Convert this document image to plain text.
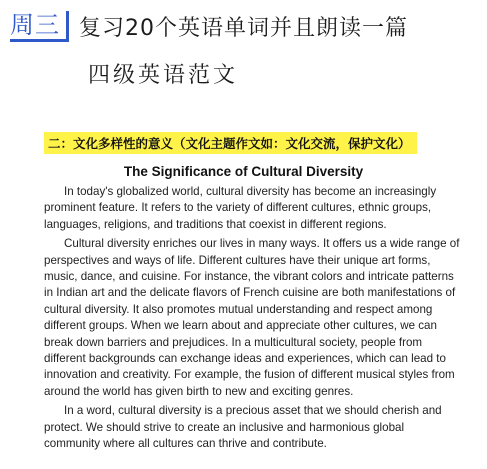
周三 复习20个英语单词并且朗读一篇
四级英语范文
二：文化多样性的意义（文化主题作文如：文化交流，保护文化）
The Significance of Cultural Diversity

In today's globalized world, cultural diversity has become an increasingly prominent feature. It refers to the variety of different cultures, ethnic groups, languages, religions, and traditions that coexist in different regions.

Cultural diversity enriches our lives in many ways. It offers us a wide range of perspectives and ways of life. Different cultures have their unique art forms, music, dance, and cuisine. For instance, the vibrant colors and intricate patterns in Indian art and the delicate flavors of French cuisine are both manifestations of cultural diversity. It also promotes mutual understanding and respect among different groups. When we learn about and appreciate other cultures, we can break down barriers and prejudices. In a multicultural society, people from different backgrounds can exchange ideas and experiences, which can lead to innovation and creativity. For example, the fusion of different musical styles from around the world has given birth to new and exciting genres.

In a word, cultural diversity is a precious asset that we should cherish and protect. We should strive to create an inclusive and harmonious global community where all cultures can thrive and contribute.
